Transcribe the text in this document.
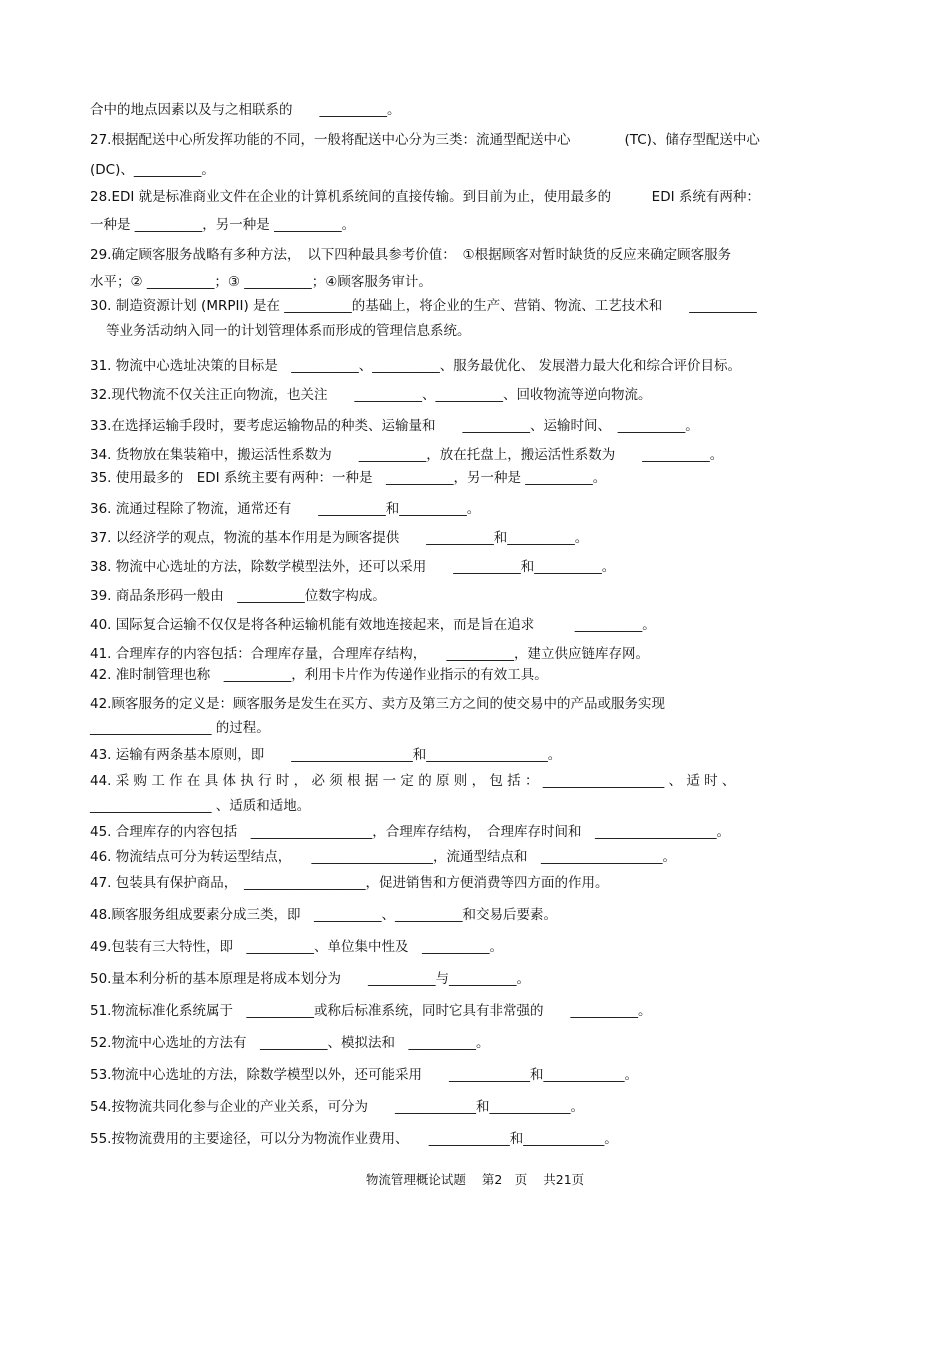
合中的地点因素以及与之相联系的　　__________。
27.根据配送中心所发挥功能的不同，一般将配送中心分为三类：流通型配送中心　　　　(TC)、储存型配送中心
(DC)、__________。
28.EDI 就是标准商业文件在企业的计算机系统间的直接传输。到目前为止，使用最多的　　　EDI 系统有两种：
一种是 __________，另一种是 __________。
29.确定顾客服务战略有多种方法，　以下四种最具参考价值：　①根据顾客对暂时缺货的反应来确定顾客服务
水平；② __________；③ __________；④顾客服务审计。
30. 制造资源计划 (MRPII) 是在 __________的基础上，将企业的生产、营销、物流、工艺技术和　　__________
等业务活动纳入同一的计划管理体系而形成的管理信息系统。
31. 物流中心选址决策的目标是　__________、__________、服务最优化、 发展潜力最大化和综合评价目标。
32.现代物流不仅关注正向物流，也关注　　__________、__________、回收物流等逆向物流。
33.在选择运输手段时，要考虑运输物品的种类、运输量和　　__________、运输时间、　__________。
34. 货物放在集装箱中，搬运活性系数为　　__________，放在托盘上，搬运活性系数为　　__________。
35. 使用最多的　EDI 系统主要有两种：一种是　__________，另一种是 __________。
36. 流通过程除了物流，通常还有　　__________和__________。
37. 以经济学的观点，物流的基本作用是为顾客提供　　__________和__________。
38. 物流中心选址的方法，除数学模型法外，还可以采用　　__________和__________。
39. 商品条形码一般由　__________位数字构成。
40. 国际复合运输不仅仅是将各种运输机能有效地连接起来，而是旨在追求　　　__________。
41. 合理库存的内容包括：合理库存量，合理库存结构，　　__________，建立供应链库存网。
42. 准时制管理也称　__________，利用卡片作为传递作业指示的有效工具。
42.顾客服务的定义是：顾客服务是发生在买方、卖方及第三方之间的使交易中的产品或服务实现
__________________ 的过程。
43. 运输有两条基本原则，即　　__________________和__________________。
44. 采 购 工 作 在 具 体 执 行 时 ， 必 须 根 据 一 定 的 原 则 ， 包 括 ： __________________ 、 适 时 、
__________________ 、适质和适地。
45. 合理库存的内容包括　__________________，合理库存结构，　合理库存时间和　__________________。
46. 物流结点可分为转运型结点，　　__________________，流通型结点和　__________________。
47. 包装具有保护商品，　__________________，促进销售和方便消费等四方面的作用。
48.顾客服务组成要素分成三类，即　__________、__________和交易后要素。
49.包装有三大特性，即　__________、单位集中性及　__________。
50.量本利分析的基本原理是将成本划分为　　__________与__________。
51.物流标准化系统属于　__________或称后标准系统，同时它具有非常强的　　__________。
52.物流中心选址的方法有　__________、模拟法和　__________。
53.物流中心选址的方法，除数学模型以外，还可能采用　　____________和____________。
54.按物流共同化参与企业的产业关系，可分为　　____________和____________。
55.按物流费用的主要途径，可以分为物流作业费用、　　____________和____________。
物流管理概论试题 第2　页 共21页
